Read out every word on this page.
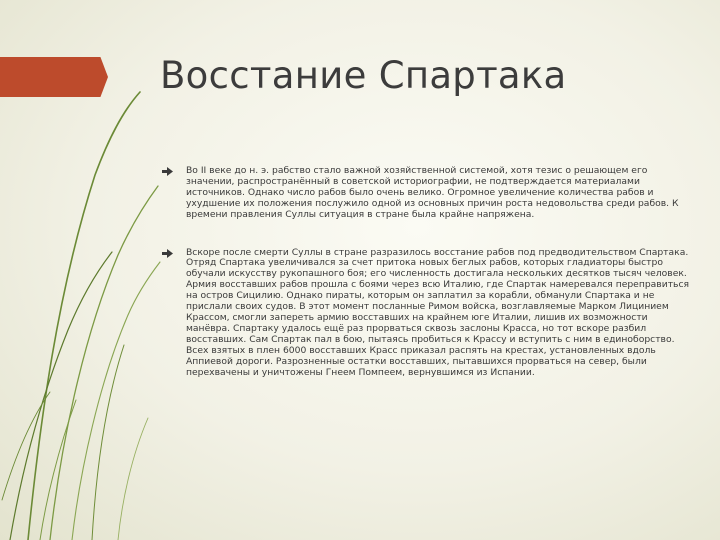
Восстание Спартака
Во II веке до н. э. рабство стало важной хозяйственной системой, хотя тезис о решающем его значении, распространённый в советской историографии, не подтверждается материалами источников. Однако число рабов было очень велико. Огромное увеличение количества рабов и ухудшение их положения послужило одной из основных причин роста недовольства среди рабов. К времени правления Суллы ситуация в стране была крайне напряжена.
Вскоре после смерти Суллы в стране разразилось восстание рабов под предводительством Спартака. Отряд Спартака увеличивался за счет притока новых беглых рабов, которых гладиаторы быстро обучали искусству рукопашного боя; его численность достигала нескольких десятков тысяч человек. Армия восставших рабов прошла с боями через всю Италию, где Спартак намеревался переправиться на остров Сицилию. Однако пираты, которым он заплатил за корабли, обманули Спартака и не прислали своих судов. В этот момент посланные Римом войска, возглавляемые Марком Лицинием Крассом, смогли запереть армию восставших на крайнем юге Италии, лишив их возможности манёвра. Спартаку удалось ещё раз прорваться сквозь заслоны Красса, но тот вскоре разбил восставших. Сам Спартак пал в бою, пытаясь пробиться к Крассу и вступить с ним в единоборство. Всех взятых в плен 6000 восставших Красс приказал распять на крестах, установленных вдоль Аппиевой дороги. Разрозненные остатки восставших, пытавшихся прорваться на север, были перехвачены и уничтожены Гнеем Помпеем, вернувшимся из Испании.
